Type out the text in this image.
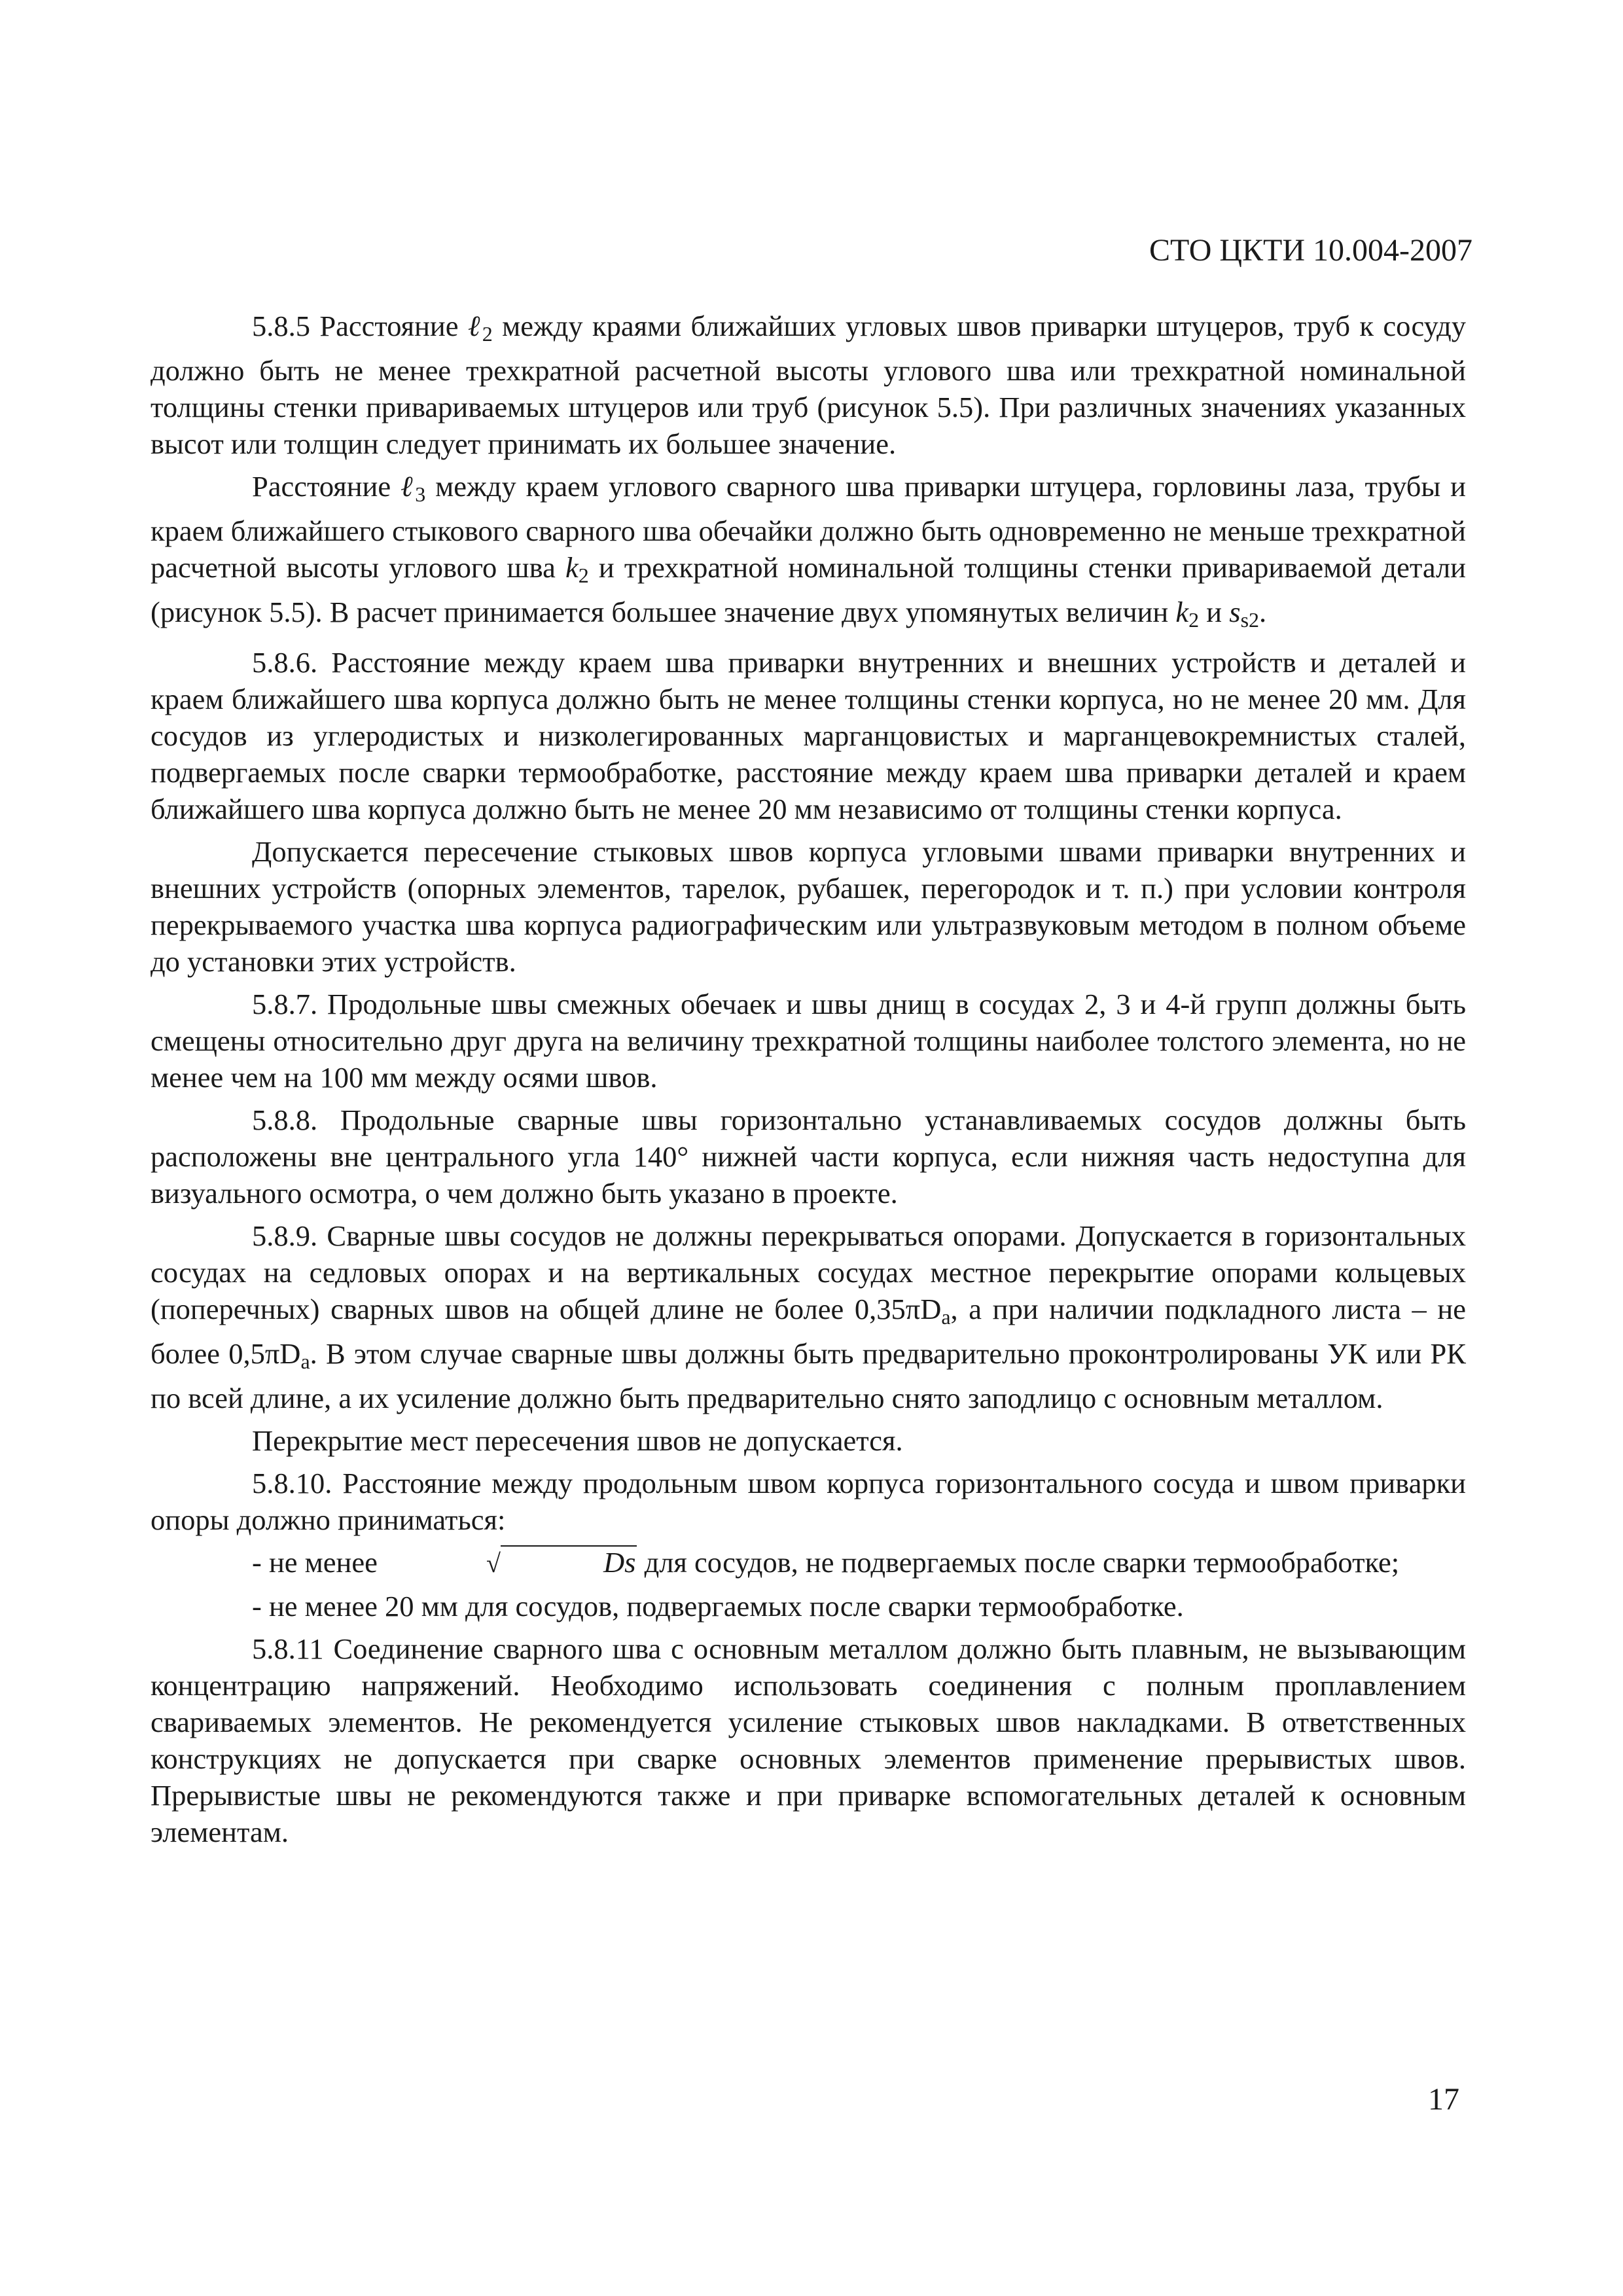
СТО ЦКТИ 10.004-2007

5.8.5 Расстояние ℓ$_2$ между краями ближайших угловых швов приварки штуцеров, труб к сосуду должно быть не менее трехкратной расчетной высоты углового шва или трехкратной номинальной толщины стенки привариваемых штуцеров или труб (рисунок 5.5). При различных значениях указанных высот или толщин следует принимать их большее значение.

Расстояние ℓ$_3$ между краем углового сварного шва приварки штуцера, горловины лаза, трубы и краем ближайшего стыкового сварного шва обечайки должно быть одновременно не меньше трехкратной расчетной высоты углового шва $k_2$ и трехкратной номинальной толщины стенки привариваемой детали (рисунок 5.5). В расчет принимается большее значение двух упомянутых величин $k_2$ и $s_{s2}$.

5.8.6. Расстояние между краем шва приварки внутренних и внешних устройств и деталей и краем ближайшего шва корпуса должно быть не менее толщины стенки корпуса, но не менее 20 мм. Для сосудов из углеродистых и низколегированных марганцовистых и марганцевокремнистых сталей, подвергаемых после сварки термообработке, расстояние между краем шва приварки деталей и краем ближайшего шва корпуса должно быть не менее 20 мм независимо от толщины стенки корпуса.

Допускается пересечение стыковых швов корпуса угловыми швами приварки внутренних и внешних устройств (опорных элементов, тарелок, рубашек, перегородок и т. п.) при условии контроля перекрываемого участка шва корпуса радиографическим или ультразвуковым методом в полном объеме до установки этих устройств.

5.8.7. Продольные швы смежных обечаек и швы днищ в сосудах 2, 3 и 4-й групп должны быть смещены относительно друг друга на величину трехкратной толщины наиболее толстого элемента, но не менее чем на 100 мм между осями швов.

5.8.8. Продольные сварные швы горизонтально устанавливаемых сосудов должны быть расположены вне центрального угла 140° нижней части корпуса, если нижняя часть недоступна для визуального осмотра, о чем должно быть указано в проекте.

5.8.9. Сварные швы сосудов не должны перекрываться опорами. Допускается в горизонтальных сосудах на седловых опорах и на вертикальных сосудах местное перекрытие опорами кольцевых (поперечных) сварных швов на общей длине не более $0,35\pi D_a$, а при наличии подкладного листа – не более $0,5\pi D_a$. В этом случае сварные швы должны быть предварительно проконтролированы УК или РК по всей длине, а их усиление должно быть предварительно снято заподлицо с основным металлом.

Перекрытие мест пересечения швов не допускается.

5.8.10. Расстояние между продольным швом корпуса горизонтального сосуда и швом приварки опоры должно приниматься:

- не менее	√	Ds для сосудов, не подвергаемых после сварки термообработке;

- не менее 20 мм для сосудов, подвергаемых после сварки термообработке.

5.8.11 Соединение сварного шва с основным металлом должно быть плавным, не вызывающим концентрацию напряжений. Необходимо использовать соединения с полным проплавлением свариваемых элементов. Не рекомендуется усиление стыковых швов накладками. В ответственных конструкциях не допускается при сварке основных элементов применение прерывистых швов. Прерывистые швы не рекомендуются также и при приварке вспомогательных деталей к основным элементам.

17
